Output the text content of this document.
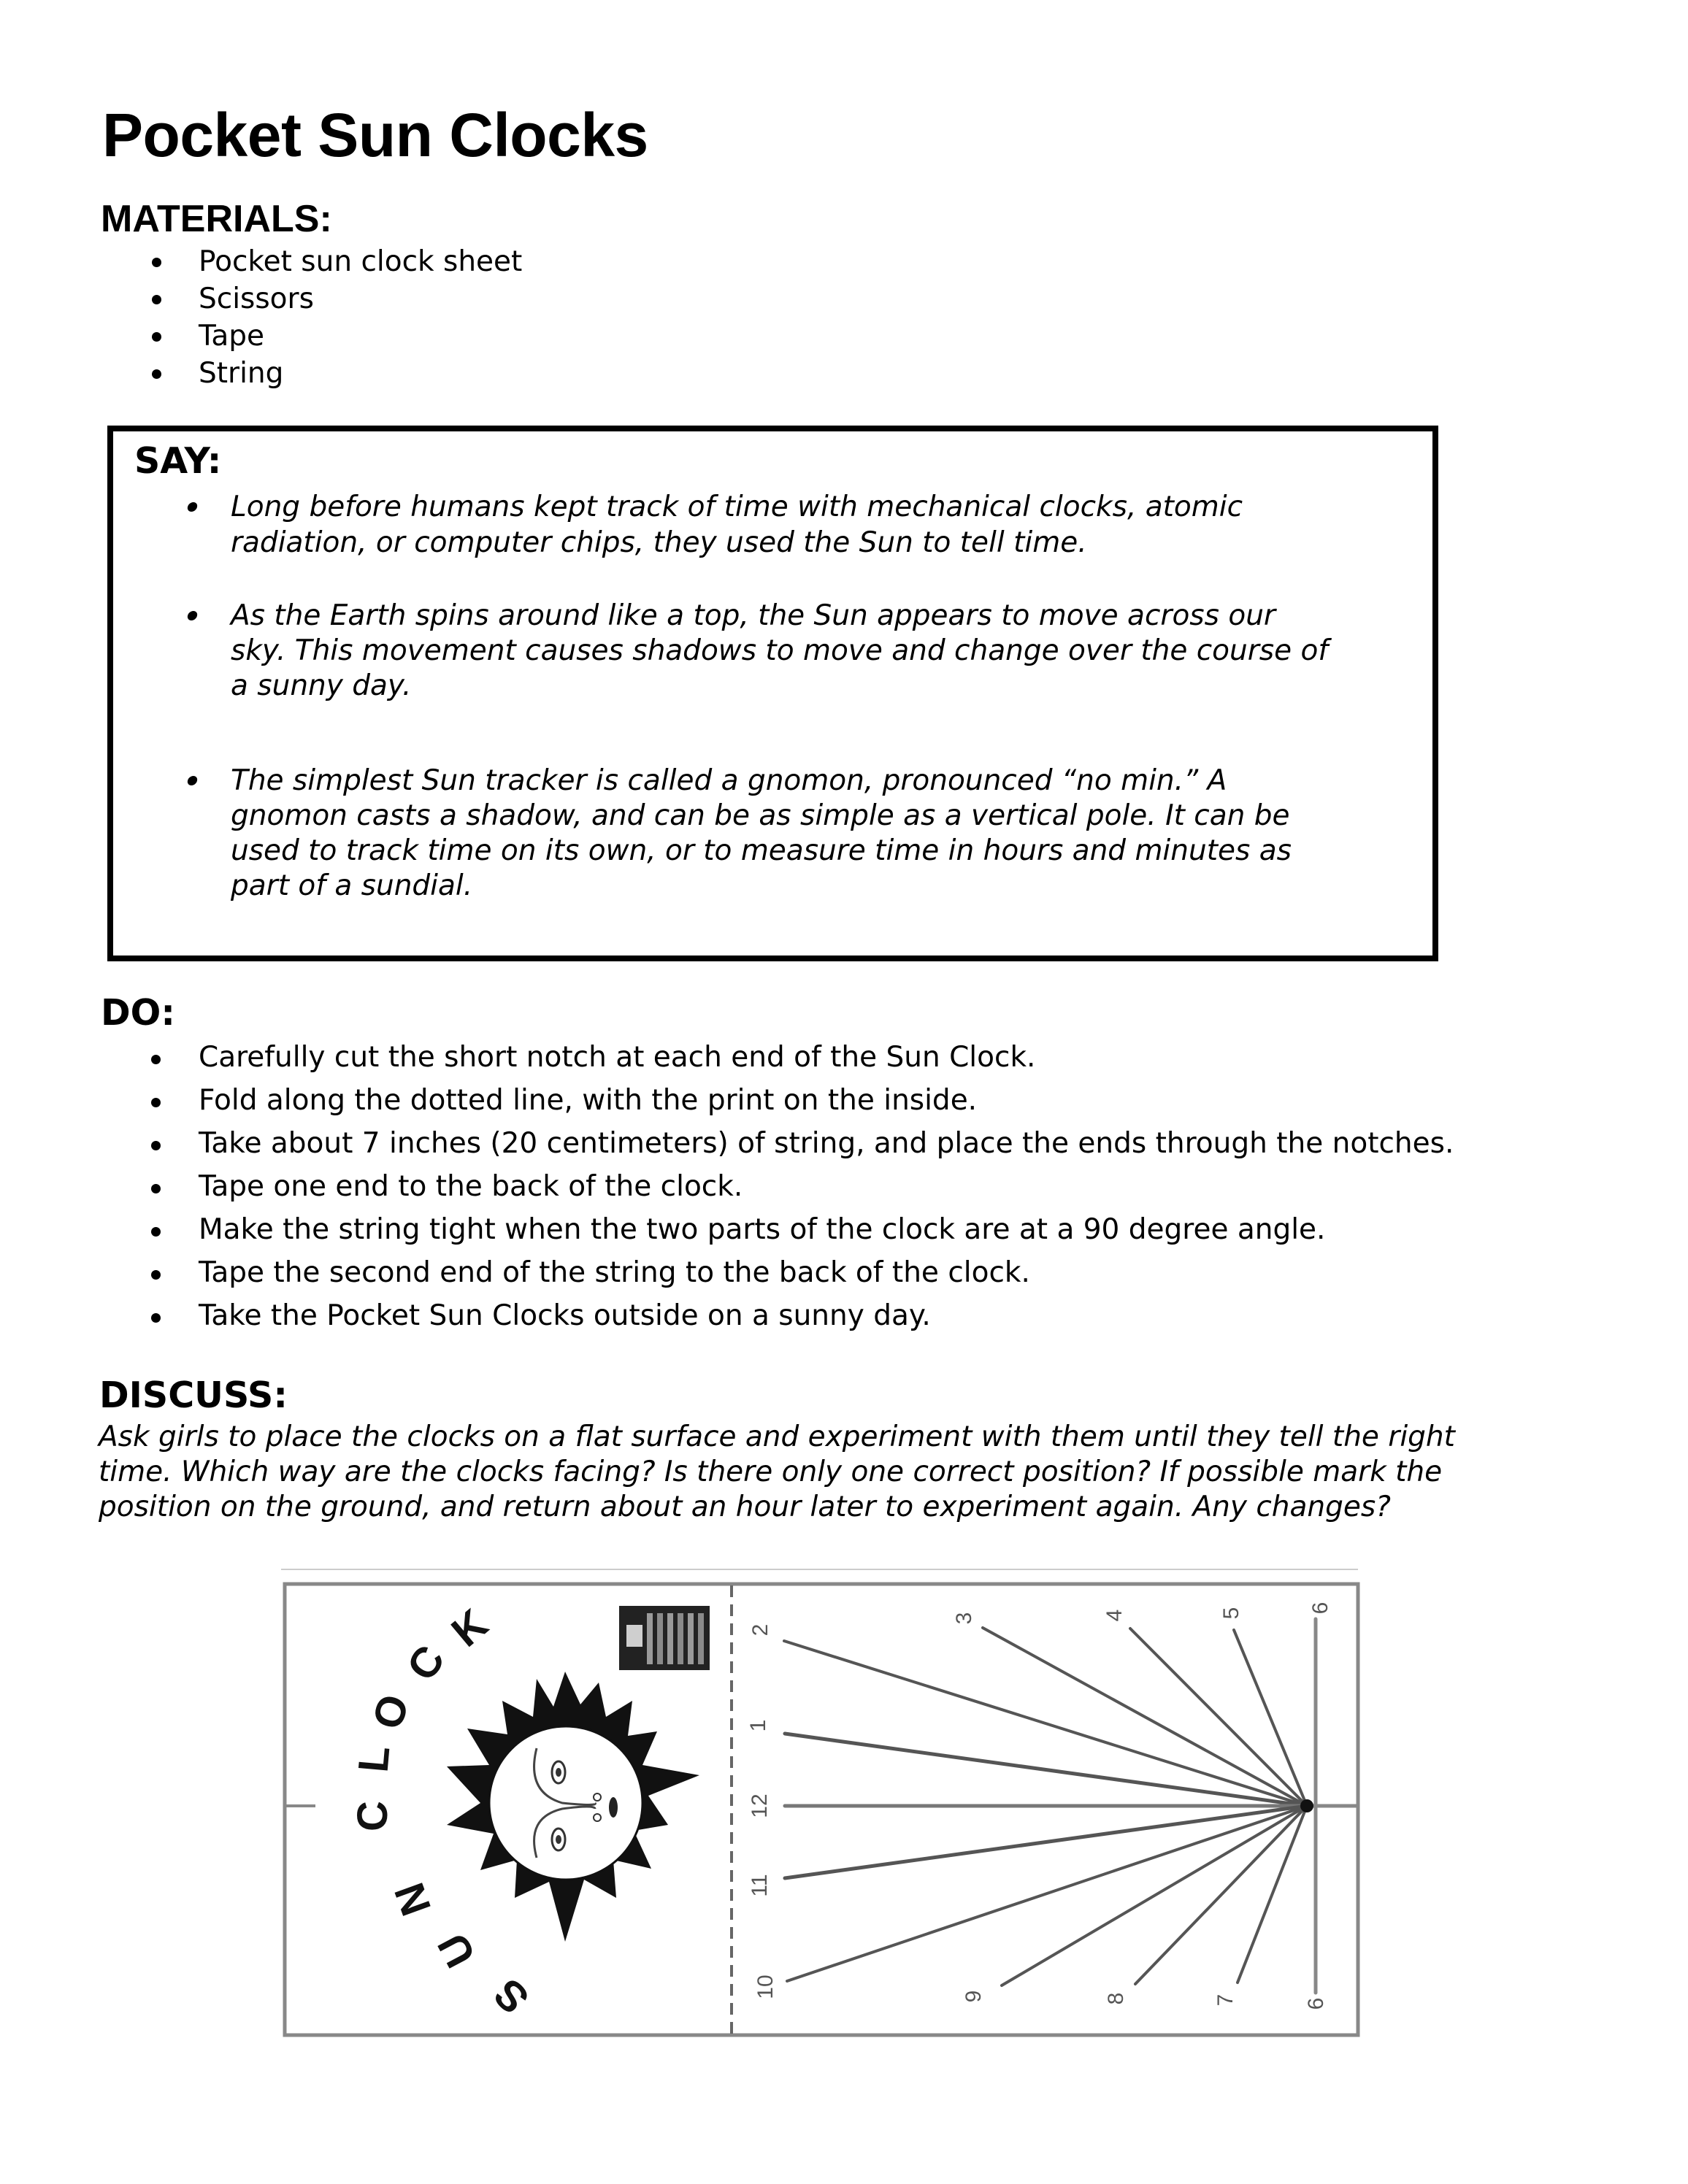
Pocket Sun Clocks
MATERIALS:
Pocket sun clock sheet
Scissors
Tape
String
SAY:
Long before humans kept track of time with mechanical clocks, atomic
radiation, or computer chips, they used the Sun to tell time.
As the Earth spins around like a top, the Sun appears to move across our
sky. This movement causes shadows to move and change over the course of
a sunny day.
The simplest Sun tracker is called a gnomon, pronounced “no min.” A
gnomon casts a shadow, and can be as simple as a vertical pole. It can be
used to track time on its own, or to measure time in hours and minutes as
part of a sundial.
DO:
Carefully cut the short notch at each end of the Sun Clock.
Fold along the dotted line, with the print on the inside.
Take about 7 inches (20 centimeters) of string, and place the ends through the notches.
Tape one end to the back of the clock.
Make the string tight when the two parts of the clock are at a 90 degree angle.
Tape the second end of the string to the back of the clock.
Take the Pocket Sun Clocks outside on a sunny day.
DISCUSS:
Ask girls to place the clocks on a flat surface and experiment with them until they tell the right
time. Which way are the clocks facing? Is there only one correct position? If possible mark the
position on the ground, and return about an hour later to experiment again. Any changes?
S
U
N
C
L
O
C
K	2
3	4	5	6
1
12
11
10	9	8	7	6
